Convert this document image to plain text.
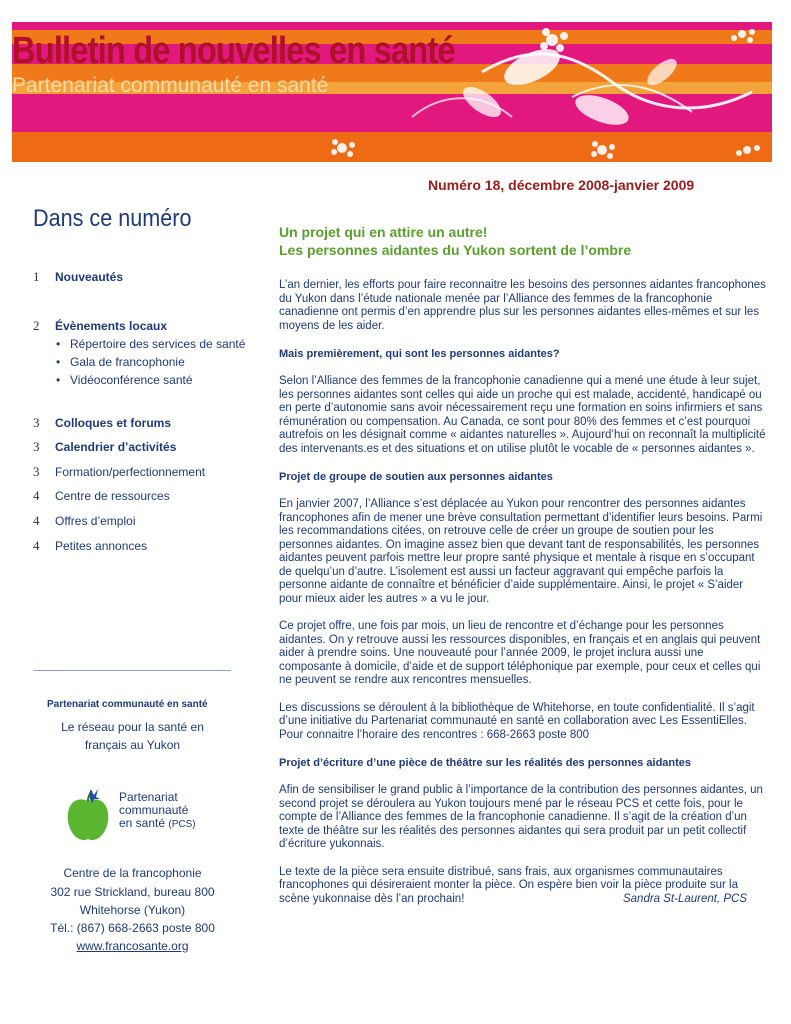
Bulletin de nouvelles en santé

Partenariat communauté en santé

Numéro 18, décembre 2008-janvier 2009
Dans ce numéro
1 Nouveautés
2 Évènements locaux
• Répertoire des services de santé
• Gala de francophonie
• Vidéoconférence santé
3 Colloques et forums
3 Calendrier d’activités
3 Formation/perfectionnement
4 Centre de ressources
4 Offres d’emploi
4 Petites annonces
Partenariat communauté en santé
Le réseau pour la santé en
français au Yukon
Partenariat
communauté
en santé (PCS)
Centre de la francophonie
302 rue Strickland, bureau 800
Whitehorse (Yukon)
Tél.: (867) 668-2663 poste 800
www.francosante.org
Un projet qui en attire un autre!
Les personnes aidantes du Yukon sortent de l’ombre

L’an dernier, les efforts pour faire reconnaitre les besoins des personnes aidantes francophones du Yukon dans l’étude nationale menée par l’Alliance des femmes de la francophonie canadienne ont permis d’en apprendre plus sur les personnes aidantes elles-mêmes et sur les moyens de les aider.

Mais premièrement, qui sont les personnes aidantes?

Selon l’Alliance des femmes de la francophonie canadienne qui a mené une étude à leur sujet, les personnes aidantes sont celles qui aide un proche qui est malade, accidenté, handicapé ou en perte d’autonomie sans avoir nécessairement reçu une formation en soins infirmiers et sans rémunération ou compensation. Au Canada, ce sont pour 80% des femmes et c’est pourquoi autrefois on les désignait comme « aidantes naturelles ». Aujourd’hui on reconnaît la multiplicité des intervenants.es et des situations et on utilise plutôt le vocable de « personnes aidantes ».

Projet de groupe de soutien aux personnes aidantes

En janvier 2007, l’Alliance s’est déplacée au Yukon pour rencontrer des personnes aidantes francophones afin de mener une brève consultation permettant d’identifier leurs besoins. Parmi les recommandations citées, on retrouve celle de créer un groupe de soutien pour les personnes aidantes. On imagine assez bien que devant tant de responsabilités, les personnes aidantes peuvent parfois mettre leur propre santé physique et mentale à risque en s’occupant de quelqu’un d’autre. L’isolement est aussi un facteur aggravant qui empêche parfois la personne aidante de connaître et bénéficier d’aide supplémentaire. Ainsi, le projet « S’aider pour mieux aider les autres » a vu le jour.

Ce projet offre, une fois par mois, un lieu de rencontre et d’échange pour les personnes aidantes. On y retrouve aussi les ressources disponibles, en français et en anglais qui peuvent aider à prendre soins. Une nouveauté pour l’année 2009, le projet inclura aussi une composante à domicile, d’aide et de support téléphonique par exemple, pour ceux et celles qui ne peuvent se rendre aux rencontres mensuelles.

Les discussions se déroulent à la bibliothèque de Whitehorse, en toute confidentialité. Il s’agit d’une initiative du Partenariat communauté en santé en collaboration avec Les EssentiElles. Pour connaitre l’horaire des rencontres : 668-2663 poste 800

Projet d’écriture d’une pièce de théâtre sur les réalités des personnes aidantes

Afin de sensibiliser le grand public à l’importance de la contribution des personnes aidantes, un second projet se déroulera au Yukon toujours mené par le réseau PCS et cette fois, pour le compte de l’Alliance des femmes de la francophonie canadienne. Il s’agit de la création d’un texte de théâtre sur les réalités des personnes aidantes qui sera produit par un petit collectif d’écriture yukonnais.

Le texte de la pièce sera ensuite distribué, sans frais, aux organismes communautaires francophones qui désireraient monter la pièce. On espère bien voir la pièce produite sur la scène yukonnaise dès l’an prochain!	Sandra St-Laurent, PCS
